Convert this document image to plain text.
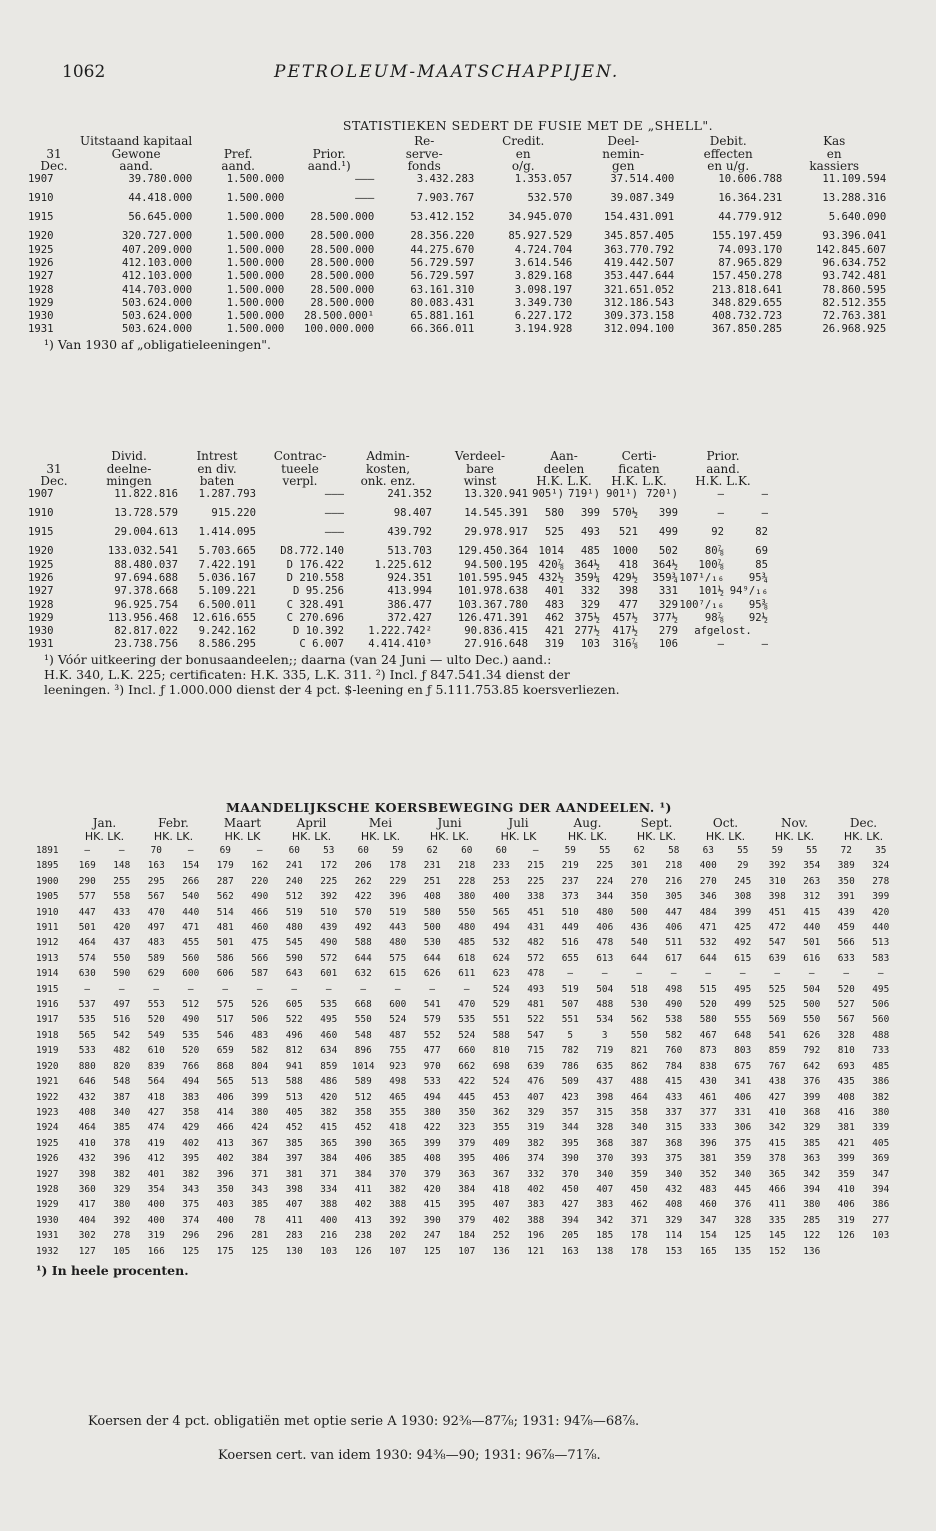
1062	PETROLEUM-MAATSCHAPPIJEN.
STATISTIEKEN SEDERT DE FUSIE MET DE „SHELL".
	Uitstaand kapitaal			Re-	Credit.	Deel-	Debit.	Kas
31	Gewone	Pref.	Prior.	serve-	en	nemin-	effecten	en
Dec.	aand.	aand.	aand.¹)	fonds	o/g.	gen	en u/g.	kassiers
1907	39.780.000	1.500.000	———	3.432.283	1.353.057	37.514.400	10.606.788	11.109.594

1910	44.418.000	1.500.000	———	7.903.767	532.570	39.087.349	16.364.231	13.288.316

1915	56.645.000	1.500.000	28.500.000	53.412.152	34.945.070	154.431.091	44.779.912	5.640.090

1920	320.727.000	1.500.000	28.500.000	28.356.220	85.927.529	345.857.405	155.197.459	93.396.041
1925	407.209.000	1.500.000	28.500.000	44.275.670	4.724.704	363.770.792	74.093.170	142.845.607
1926	412.103.000	1.500.000	28.500.000	56.729.597	3.614.546	419.442.507	87.965.829	96.634.752
1927	412.103.000	1.500.000	28.500.000	56.729.597	3.829.168	353.447.644	157.450.278	93.742.481
1928	414.703.000	1.500.000	28.500.000	63.161.310	3.098.197	321.651.052	213.818.641	78.860.595
1929	503.624.000	1.500.000	28.500.000	80.083.431	3.349.730	312.186.543	348.829.655	82.512.355
1930	503.624.000	1.500.000	28.500.000¹	65.881.161	6.227.172	309.373.158	408.732.723	72.763.381
1931	503.624.000	1.500.000	100.000.000	66.366.011	3.194.928	312.094.100	367.850.285	26.968.925
¹) Van 1930 af „obligatieleeningen".
	Divid.	Intrest	Contrac-	Admin-	Verdeel-	Aan-		Certi-		Prior.	
31	deelne-	en div.	tueele	kosten,	bare	deelen		ficaten		aand.	
Dec.	mingen	baten	verpl.	onk. enz.	winst	H.K. L.K.		H.K. L.K.		H.K. L.K.	
1907	11.822.816	1.287.793	———	241.352	13.320.941	905¹)	719¹)	901¹)	720¹)	—	—

1910	13.728.579	915.220	———	98.407	14.545.391	580	399	570½	399	—	—

1915	29.004.613	1.414.095	———	439.792	29.978.917	525	493	521	499	92	82

1920	133.032.541	5.703.665	D8.772.140	513.703	129.450.364	1014	485	1000	502	80⅞	69
1925	88.480.037	7.422.191	D 176.422	1.225.612	94.500.195	420⅞	364½	418	364½	100⅞	85
1926	97.694.688	5.036.167	D 210.558	924.351	101.595.945	432½	359¼	429½	359¾	107¹/₁₆	95¾
1927	97.378.668	5.109.221	D 95.256	413.994	101.978.638	401	332	398	331	101½	94⁹/₁₆
1928	96.925.754	6.500.011	C 328.491	386.477	103.367.780	483	329	477	329	100⁷/₁₆	95⅜
1929	113.956.468	12.616.655	C 270.696	372.427	126.471.391	462	375½	457½	377½	98⅞	92½
1930	82.817.022	9.242.162	D 10.392	1.222.742²	90.836.415	421	277½	417½	279	afgelost.	
1931	23.738.756	8.586.295	C 6.007	4.414.410³	27.916.648	319	103	316⅞	106	—	—
¹) Vóór uitkeering der bonusaandeelen;; daarna (van 24 Juni — ulto Dec.) aand.:
H.K. 340, L.K. 225; certificaten: H.K. 335, L.K. 311. ²) Incl. ƒ 847.541.34 dienst der
leeningen. ³) Incl. ƒ 1.000.000 dienst der 4 pct. $-leening en ƒ 5.111.753.85 koersverliezen.
MAANDELIJKSCHE KOERSBEWEGING DER AANDEELEN. ¹)
	Jan.		Febr.		Maart		April		Mei		Juni		Juli		Aug.		Sept.		Oct.		Nov.		Dec.	
	HK. LK.		HK. LK.		HK. LK		HK. LK.		HK. LK.		HK. LK.		HK. LK		HK. LK.		HK. LK.		HK. LK.		HK. LK.		HK. LK.	
1891	—	—	70	—	69	—	60	53	60	59	62	60	60	—	59	55	62	58	63	55	59	55	72	35
1895	169	148	163	154	179	162	241	172	206	178	231	218	233	215	219	225	301	218	400	29	392	354	389	324
1900	290	255	295	266	287	220	240	225	262	229	251	228	253	225	237	224	270	216	270	245	310	263	350	278
1905	577	558	567	540	562	490	512	392	422	396	408	380	400	338	373	344	350	305	346	308	398	312	391	399
1910	447	433	470	440	514	466	519	510	570	519	580	550	565	451	510	480	500	447	484	399	451	415	439	420
1911	501	420	497	471	481	460	480	439	492	443	500	480	494	431	449	406	436	406	471	425	472	440	459	440
1912	464	437	483	455	501	475	545	490	588	480	530	485	532	482	516	478	540	511	532	492	547	501	566	513
1913	574	550	589	560	586	566	590	572	644	575	644	618	624	572	655	613	644	617	644	615	639	616	633	583
1914	630	590	629	600	606	587	643	601	632	615	626	611	623	478	—	—	—	—	—	—	—	—	—	—
1915	—	—	—	—	—	—	—	—	—	—	—	—	524	493	519	504	518	498	515	495	525	504	520	495
1916	537	497	553	512	575	526	605	535	668	600	541	470	529	481	507	488	530	490	520	499	525	500	527	506
1917	535	516	520	490	517	506	522	495	550	524	579	535	551	522	551	534	562	538	580	555	569	550	567	560
1918	565	542	549	535	546	483	496	460	548	487	552	524	588	547	5	3	550	582	467	648	541	626	328	488
1919	533	482	610	520	659	582	812	634	896	755	477	660	810	715	782	719	821	760	873	803	859	792	810	733
1920	880	820	839	766	868	804	941	859	1014	923	970	662	698	639	786	635	862	784	838	675	767	642	693	485
1921	646	548	564	494	565	513	588	486	589	498	533	422	524	476	509	437	488	415	430	341	438	376	435	386
1922	432	387	418	383	406	399	513	420	512	465	494	445	453	407	423	398	464	433	461	406	427	399	408	382
1923	408	340	427	358	414	380	405	382	358	355	380	350	362	329	357	315	358	337	377	331	410	368	416	380
1924	464	385	474	429	466	424	452	415	452	418	422	323	355	319	344	328	340	315	333	306	342	329	381	339
1925	410	378	419	402	413	367	385	365	390	365	399	379	409	382	395	368	387	368	396	375	415	385	421	405
1926	432	396	412	395	402	384	397	384	406	385	408	395	406	374	390	370	393	375	381	359	378	363	399	369
1927	398	382	401	382	396	371	381	371	384	370	379	363	367	332	370	340	359	340	352	340	365	342	359	347
1928	360	329	354	343	350	343	398	334	411	382	420	384	418	402	450	407	450	432	483	445	466	394	410	394
1929	417	380	400	375	403	385	407	388	402	388	415	395	407	383	427	383	462	408	460	376	411	380	406	386
1930	404	392	400	374	400	78	411	400	413	392	390	379	402	388	394	342	371	329	347	328	335	285	319	277
1931	302	278	319	296	296	281	283	216	238	202	247	184	252	196	205	185	178	114	154	125	145	122	126	103
1932	127	105	166	125	175	125	130	103	126	107	125	107	136	121	163	138	178	153	165	135	152	136		
¹) In heele procenten.
Koersen der 4 pct. obligatiën met optie serie A 1930: 92⅜—87⅞; 1931: 94⅞—68⅞.
Koersen cert. van idem 1930: 94⅜—90; 1931: 96⅞—71⅞.
